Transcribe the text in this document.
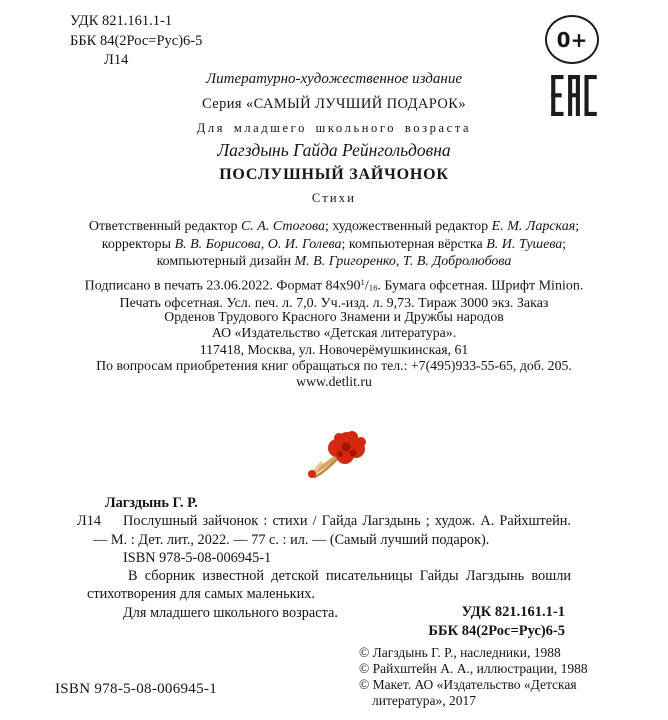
УДК 821.161.1-1
ББК 84(2Рос=Рус)6-5
Л14
0+
Литературно-художественное издание
Серия «САМЫЙ ЛУЧШИЙ ПОДАРОК»
Для младшего школьного возраста
Лагздынь Гайда Рейнгольдовна
ПОСЛУШНЫЙ ЗАЙЧОНОК
Стихи
Ответственный редактор С. А. Стогова; художественный редактор Е. М. Ларская;
корректоры В. В. Борисова, О. И. Голева; компьютерная вёрстка В. И. Тушева;
компьютерный дизайн М. В. Григоренко, Т. В. Добролюбова
Подписано в печать 23.06.2022. Формат $84х90^1/_{16}$. Бумага офсетная. Шрифт Minion.
Печать офсетная. Усл. печ. л. 7,0. Уч.-изд. л. 9,73. Тираж 3000 экз. Заказ
Орденов Трудового Красного Знамени и Дружбы народов
АО «Издательство «Детская литература».
117418, Москва, ул. Новочерёмушкинская, 61
По вопросам приобретения книг обращаться по тел.: +7(495)933-55-65, доб. 205.
www.detlit.ru
Лагздынь Г. Р.
Л14	Послушный зайчонок : стихи / Гайда Лагздынь ; худож. А. Райхштейн. — М. : Дет. лит., 2022. — 77 с. : ил. — (Самый лучший подарок).
ISBN 978-5-08-006945-1
В сборник известной детской писательницы Гайды Лагздынь вошли стихотворения для самых маленьких.
Для младшего школьного возраста.	УДК 821.161.1-1
ББК 84(2Рос=Рус)6-5
© Лагздынь Г. Р., наследники, 1988
© Райхштейн А. А., иллюстрации, 1988
© Макет. АО «Издательство «Детская литература», 2017
ISBN 978-5-08-006945-1
